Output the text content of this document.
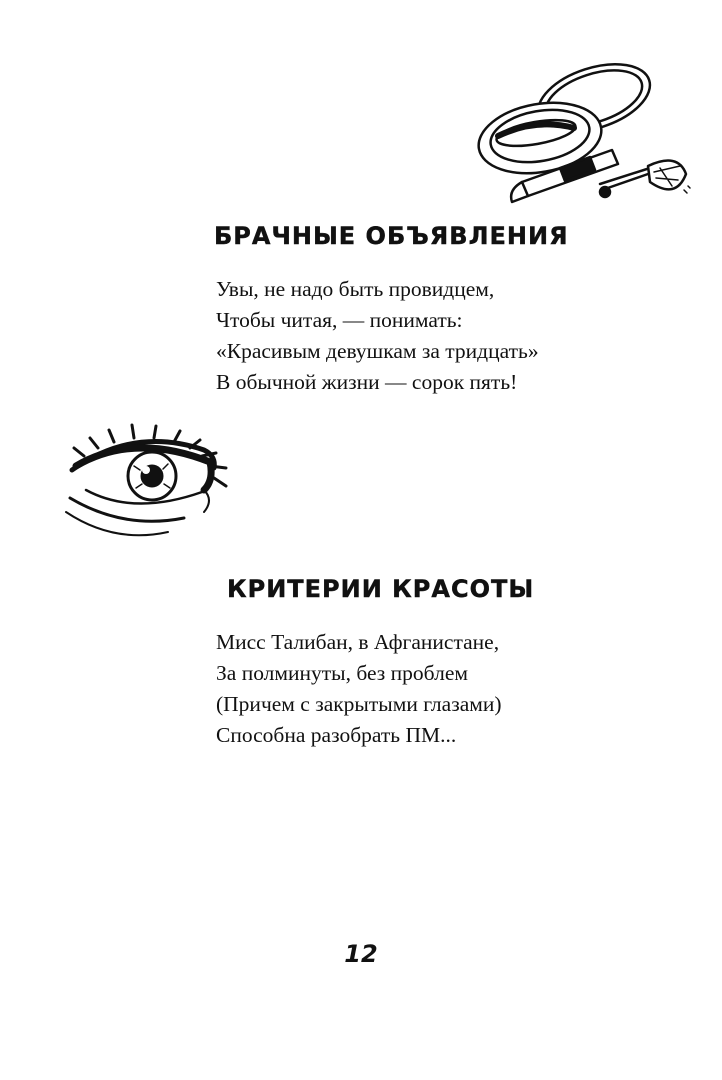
БРАЧНЫЕ ОБЪЯВЛЕНИЯ
Увы, не надо быть провидцем,
Чтобы читая, — понимать:
«Красивым девушкам за тридцать»
В обычной жизни — сорок пять!
КРИТЕРИИ КРАСОТЫ
Мисс Талибан, в Афганистане,
За полминуты, без проблем
(Причем с закрытыми глазами)
Способна разобрать ПМ...
12
